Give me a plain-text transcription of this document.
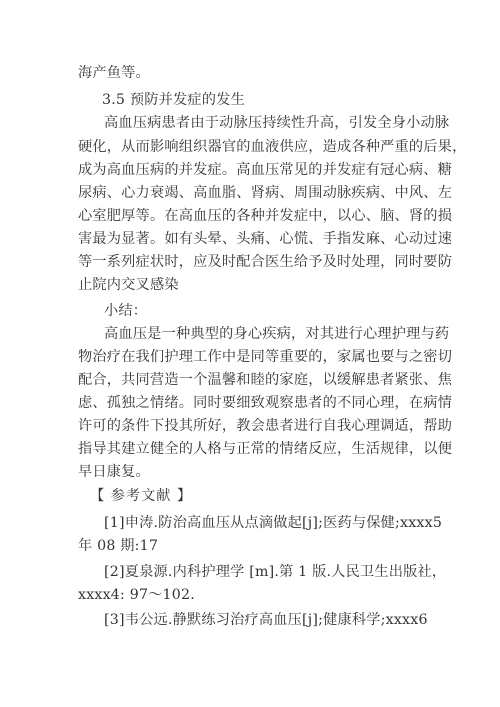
海产鱼等。
3.5 预防并发症的发生
高血压病患者由于动脉压持续性升高，引发全身小动脉
硬化，从而影响组织器官的血液供应，造成各种严重的后果，
成为高血压病的并发症。高血压常见的并发症有冠心病、糖
尿病、心力衰竭、高血脂、肾病、周围动脉疾病、中风、左
心室肥厚等。在高血压的各种并发症中，以心、脑、肾的损
害最为显著。如有头晕、头痛、心慌、手指发麻、心动过速
等一系列症状时，应及时配合医生给予及时处理，同时要防
止院内交叉感染
小结：
高血压是一种典型的身心疾病，对其进行心理护理与药
物治疗在我们护理工作中是同等重要的，家属也要与之密切
配合，共同营造一个温馨和睦的家庭，以缓解患者紧张、焦
虑、孤独之情绪。同时要细致观察患者的不同心理，在病情
许可的条件下投其所好，教会患者进行自我心理调适，帮助
指导其建立健全的人格与正常的情绪反应，生活规律，以便
早日康复。
【 参考文献 】
[1]申涛.防治高血压从点滴做起[j];医药与保健;xxxx5
年 08 期:17
[2]夏泉源.内科护理学 [m].第 1 版.人民卫生出版社，
xxxx4: 97～102.
[3]韦公远.静默练习治疗高血压[j];健康科学;xxxx6
